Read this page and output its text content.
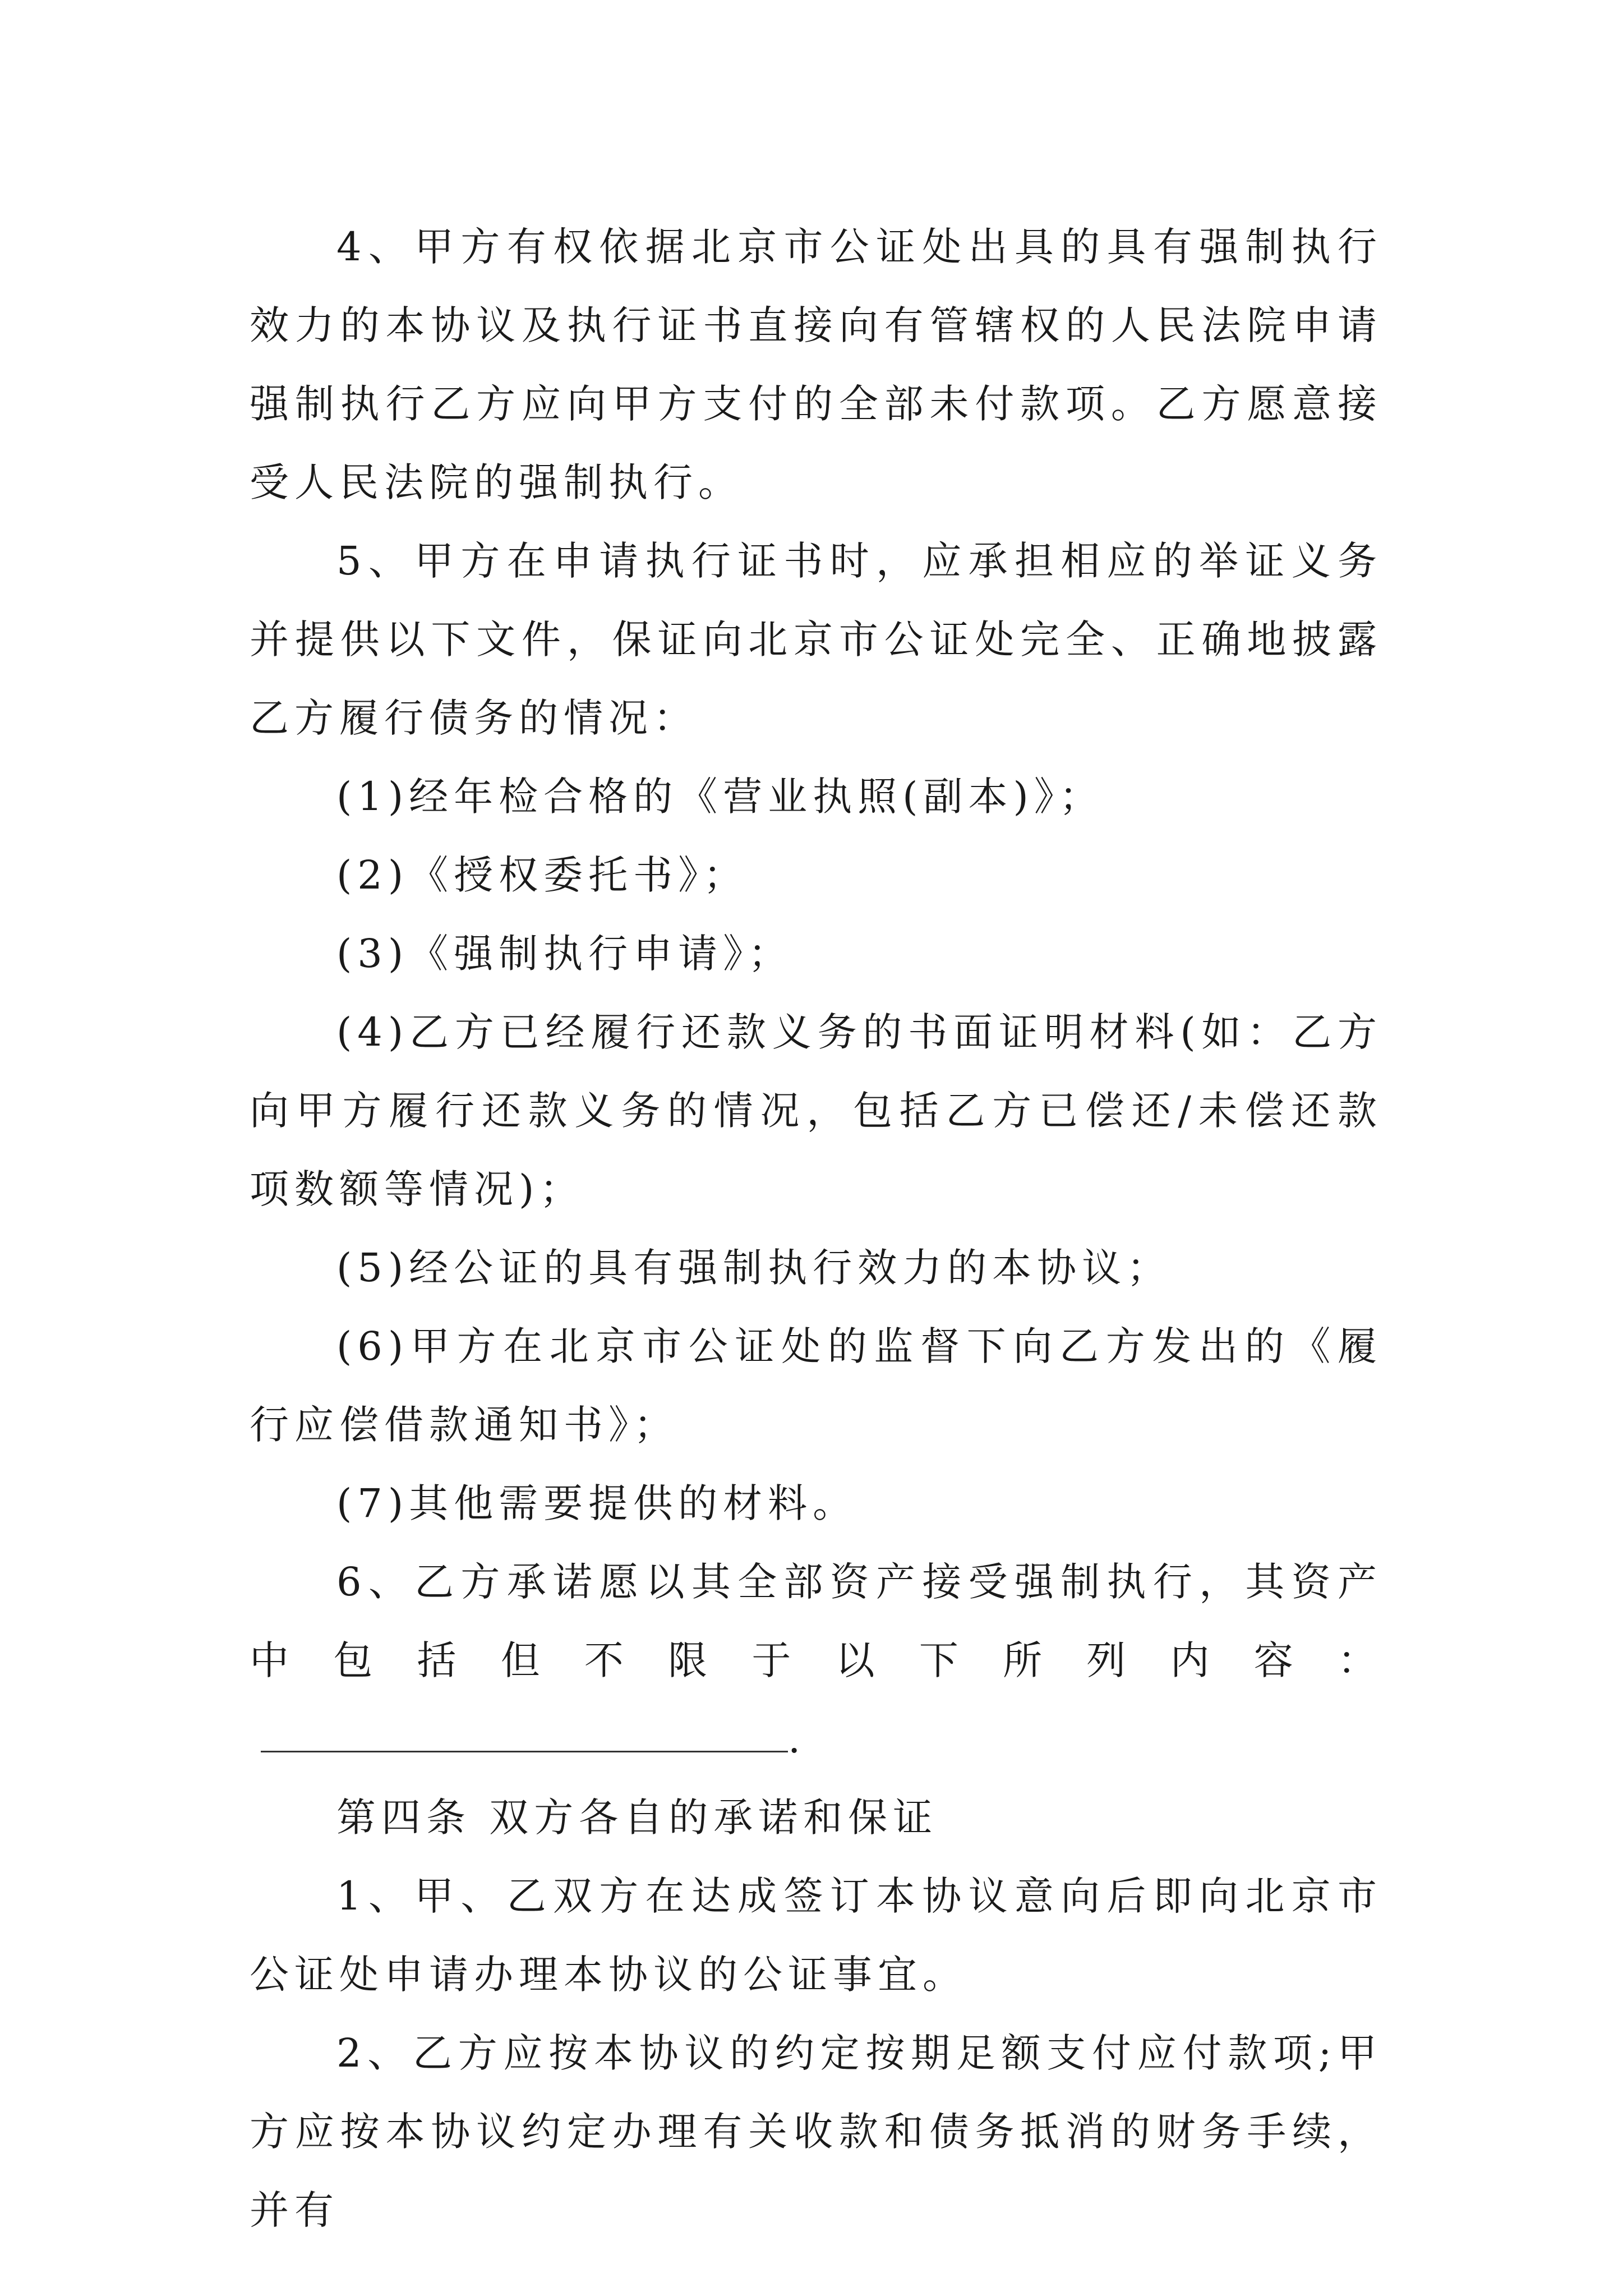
4、甲方有权依据北京市公证处出具的具有强制执行效力的本协议及执行证书直接向有管辖权的人民法院申请强制执行乙方应向甲方支付的全部未付款项。乙方愿意接受人民法院的强制执行。

5、甲方在申请执行证书时，应承担相应的举证义务并提供以下文件，保证向北京市公证处完全、正确地披露乙方履行债务的情况：

(1)经年检合格的《营业执照(副本)》；

(2)《授权委托书》；

(3)《强制执行申请》；

(4)乙方已经履行还款义务的书面证明材料(如：乙方向甲方履行还款义务的情况，包括乙方已偿还/未偿还款项数额等情况)；

(5)经公证的具有强制执行效力的本协议；

(6)甲方在北京市公证处的监督下向乙方发出的《履行应偿借款通知书》；

(7)其他需要提供的材料。

6、乙方承诺愿以其全部资产接受强制执行，其资产中包括但不限于以下所列内容：.

第四条 双方各自的承诺和保证

1、甲、乙双方在达成签订本协议意向后即向北京市公证处申请办理本协议的公证事宜。

2、乙方应按本协议的约定按期足额支付应付款项;甲方应按本协议约定办理有关收款和债务抵消的财务手续，并有
